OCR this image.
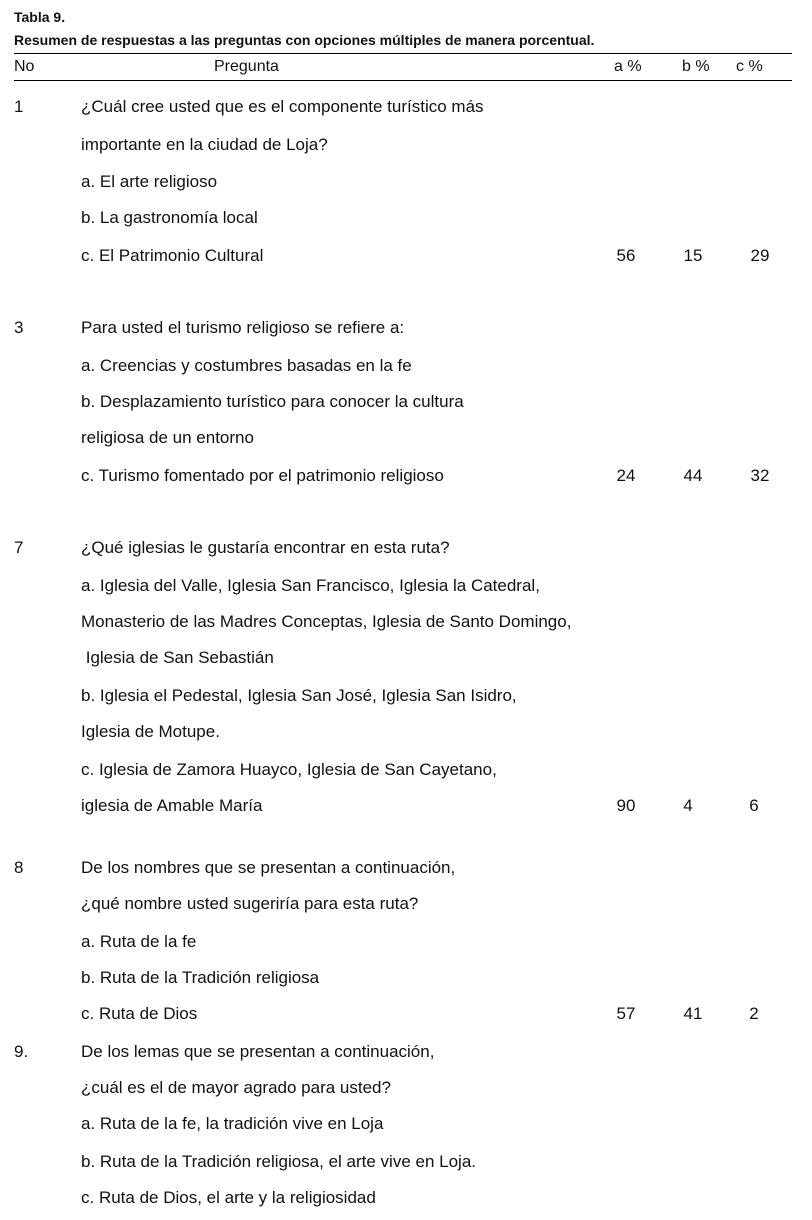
Tabla 9.
Resumen de respuestas a las preguntas con opciones múltiples de manera porcentual.
No	Pregunta	a %	b % c %
1	¿Cuál cree usted que es el componente turístico más
importante en la ciudad de Loja?
a. El arte religioso
b. La gastronomía local
c. El Patrimonio Cultural	56	15	29
3	Para usted el turismo religioso se refiere a:
a. Creencias y costumbres basadas en la fe
b. Desplazamiento turístico para conocer la cultura
religiosa de un entorno
c. Turismo fomentado por el patrimonio religioso	24	44	32
7	¿Qué iglesias le gustaría encontrar en esta ruta?
a. Iglesia del Valle, Iglesia San Francisco, Iglesia la Catedral,
Monasterio de las Madres Conceptas, Iglesia de Santo Domingo,
Iglesia de San Sebastián
b. Iglesia el Pedestal, Iglesia San José, Iglesia San Isidro,
Iglesia de Motupe.
c. Iglesia de Zamora Huayco, Iglesia de San Cayetano,
iglesia de Amable María	90	4	6
8	De los nombres que se presentan a continuación,
¿qué nombre usted sugeriría para esta ruta?
a. Ruta de la fe
b. Ruta de la Tradición religiosa
c. Ruta de Dios	57	41	2
9.	De los lemas que se presentan a continuación,
¿cuál es el de mayor agrado para usted?
a. Ruta de la fe, la tradición vive en Loja
b. Ruta de la Tradición religiosa, el arte vive en Loja.
c. Ruta de Dios, el arte y la religiosidad
